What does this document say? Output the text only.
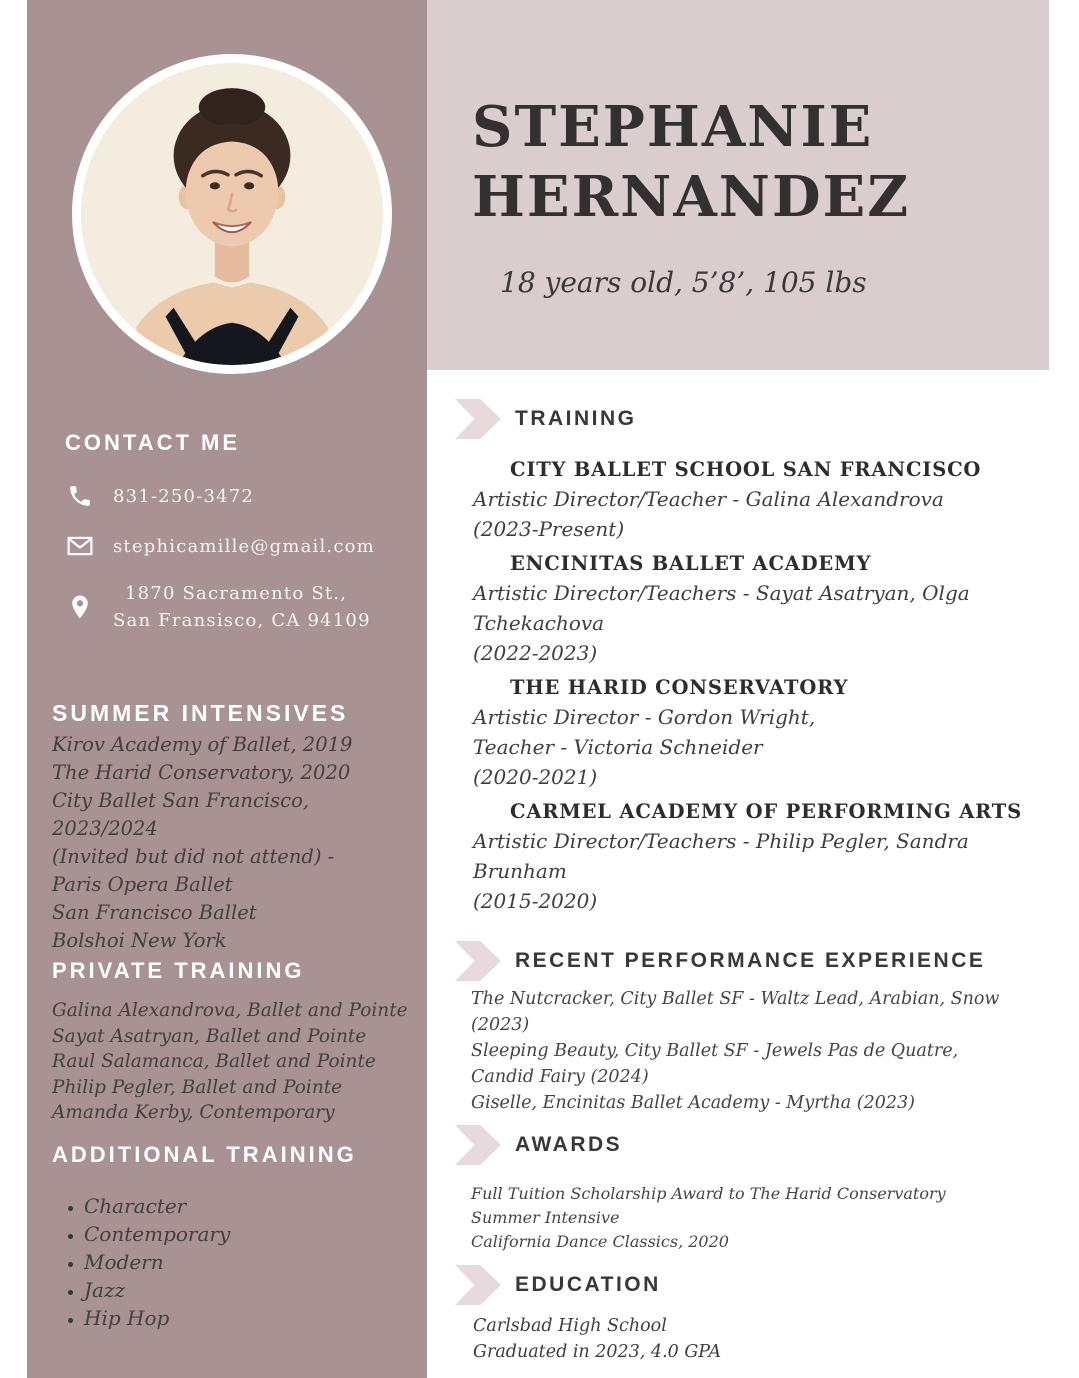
CONTACT ME
831-250-3472
stephicamille@gmail.com
1870 Sacramento St.,
San Fransisco, CA 94109
SUMMER INTENSIVES
Kirov Academy of Ballet, 2019
The Harid Conservatory, 2020
City Ballet San Francisco,
2023/2024
(Invited but did not attend) -
Paris Opera Ballet
San Francisco Ballet
Bolshoi New York
PRIVATE TRAINING
Galina Alexandrova, Ballet and Pointe
Sayat Asatryan, Ballet and Pointe
Raul Salamanca, Ballet and Pointe
Philip Pegler, Ballet and Pointe
Amanda Kerby, Contemporary
ADDITIONAL TRAINING
• Character
• Contemporary
• Modern
• Jazz
• Hip Hop
STEPHANIE
HERNANDEZ

18 years old, 5’8’, 105 lbs

TRAINING
CITY BALLET SCHOOL SAN FRANCISCO
Artistic Director/Teacher - Galina Alexandrova
(2023-Present)
ENCINITAS BALLET ACADEMY
Artistic Director/Teachers - Sayat Asatryan, Olga
Tchekachova
(2022-2023)
THE HARID CONSERVATORY
Artistic Director - Gordon Wright,
Teacher - Victoria Schneider
(2020-2021)
CARMEL ACADEMY OF PERFORMING ARTS
Artistic Director/Teachers - Philip Pegler, Sandra
Brunham
(2015-2020)
RECENT PERFORMANCE EXPERIENCE
The Nutcracker, City Ballet SF - Waltz Lead, Arabian, Snow
(2023)
Sleeping Beauty, City Ballet SF - Jewels Pas de Quatre,
Candid Fairy (2024)
Giselle, Encinitas Ballet Academy - Myrtha (2023)
AWARDS
Full Tuition Scholarship Award to The Harid Conservatory
Summer Intensive
California Dance Classics, 2020
EDUCATION
Carlsbad High School
Graduated in 2023, 4.0 GPA
